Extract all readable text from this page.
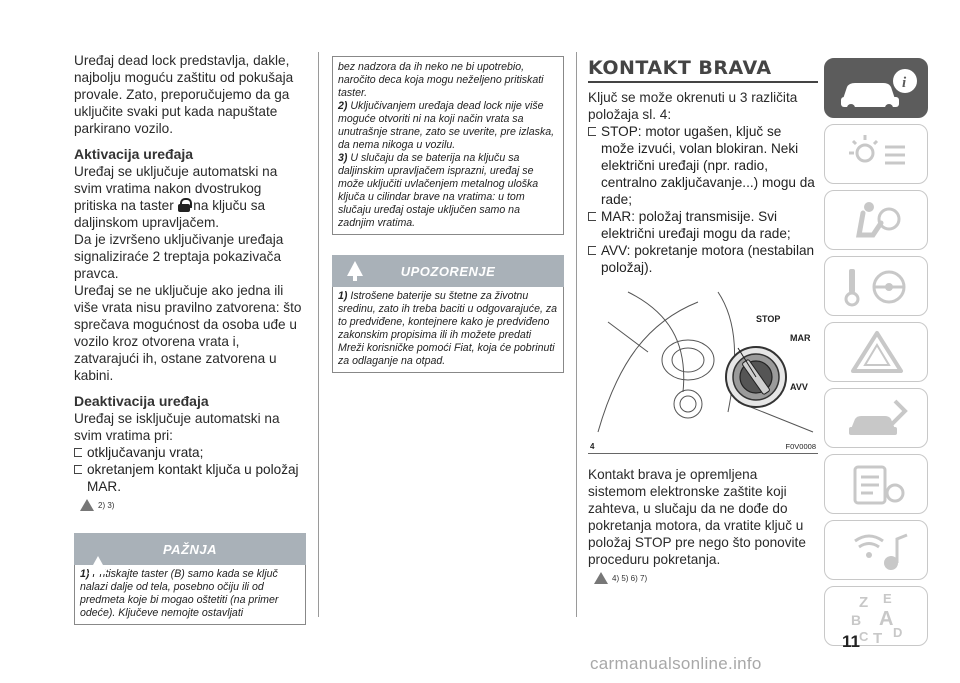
Uređaj dead lock predstavlja, dakle, najbolju moguću zaštitu od pokušaja provale. Zato, preporučujemo da ga uključite svaki put kada napuštate parkirano vozilo.

Aktivacija uređaja

Uređaj se uključuje automatski na svim vratima nakon dvostrukog pritiska na taster na ključu sa daljinskom upravljačem.

Da je izvršeno uključivanje uređaja signaliziraće 2 treptaja pokazivača pravca.

Uređaj se ne uključuje ako jedna ili više vrata nisu pravilno zatvorena: što sprečava mogućnost da osoba uđe u vozilo kroz otvorena vrata i, zatvarajući ih, ostane zatvorena u kabini.

Deaktivacija uređaja

Uređaj se isključuje automatski na svim vratima pri:

otključavanju vrata;
okretanjem kontakt ključa u položaj MAR.
2) 3)
PAŽNJA
1) Pritiskajte taster (B) samo kada se ključ nalazi dalje od tela, posebno očiju ili od predmeta koje bi mogao oštetiti (na primer odeće). Ključeve nemojte ostavljati
bez nadzora da ih neko ne bi upotrebio, naročito deca koja mogu neželjeno pritiskati taster.
2) Uključivanjem uređaja dead lock nije više moguće otvoriti ni na koji način vrata sa unutrašnje strane, zato se uverite, pre izlaska, da nema nikoga u vozilu.
3) U slučaju da se baterija na ključu sa daljinskim upravljačem isprazni, uređaj se može uključiti uvlačenjem metalnog uloška ključa u cilindar brave na vratima: u tom slučaju uređaj ostaje uključen samo na zadnjim vratima.
UPOZORENJE
1) Istrošene baterije su štetne za životnu sredinu, zato ih treba baciti u odgovarajuće, za to predviđene, kontejnere kako je predviđeno zakonskim propisima ili ih možete predati Mreži korisničke pomoći Fiat, koja će pobrinuti za odlaganje na otpad.
KONTAKT BRAVA

Ključ se može okrenuti u 3 različita položaja sl. 4:

STOP: motor ugašen, ključ se može izvući, volan blokiran. Neki električni uređaji (npr. radio, centralno zaključavanje...) mogu da rade;
MAR: položaj transmisije. Svi električni uređaji mogu da rade;
AVV: pokretanje motora (nestabilan položaj).
STOP
MAR
AVV
4	F0V0008

Kontakt brava je opremljena sistemom elektronske zaštite koji zahteva, u slučaju da ne dođe do pokretanja motora, da vratite ključ u položaj STOP pre nego što ponovite proceduru pokretanja.

4) 5) 6) 7)
i
Z E
B A
C T D
11
carmanualsonline.info
